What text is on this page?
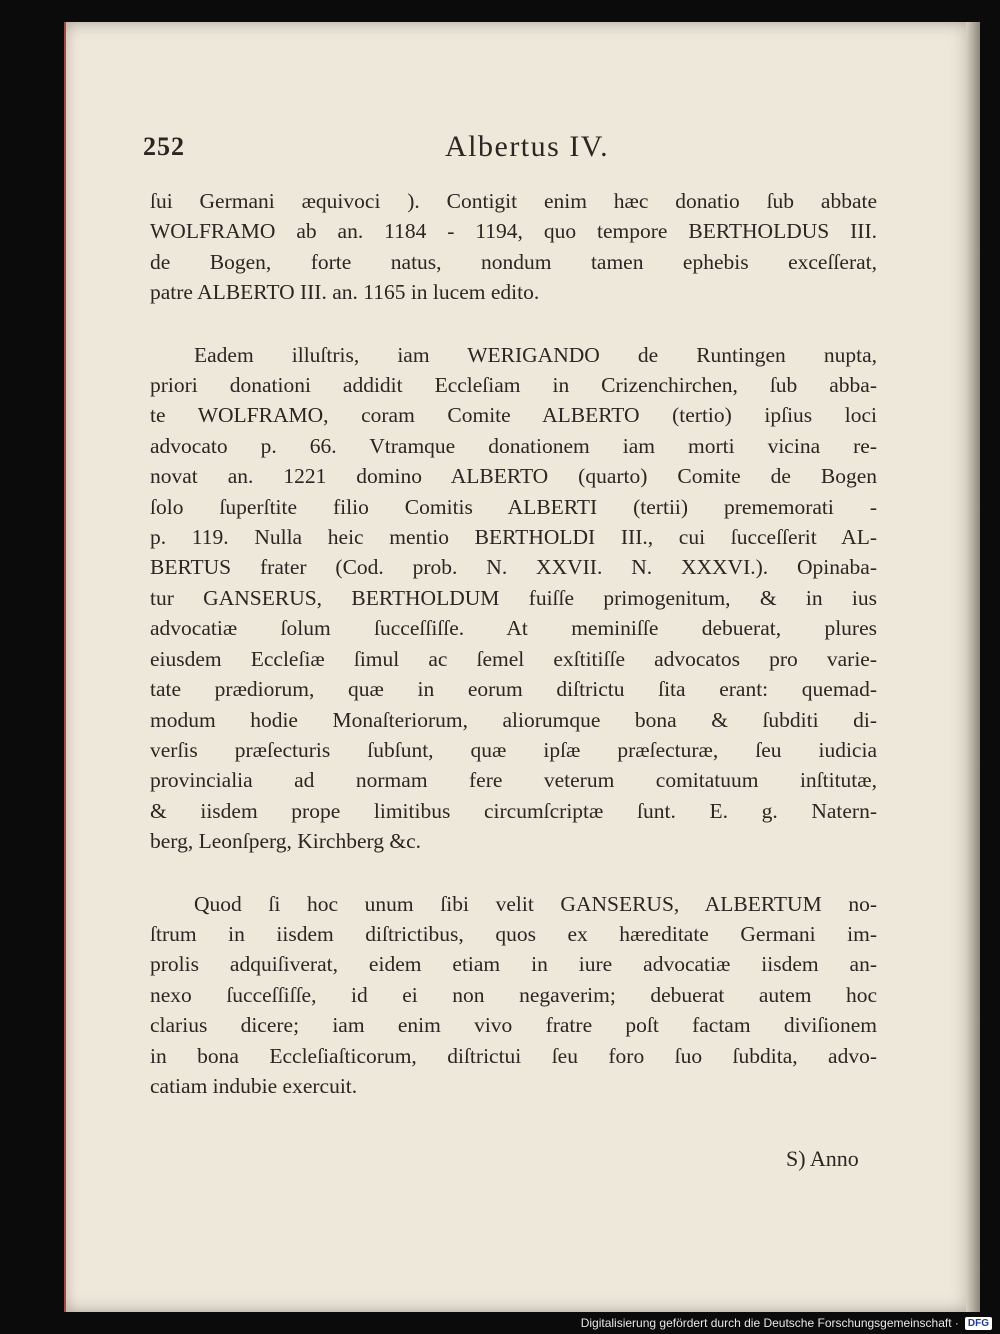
252	Albertus IV.

ſui Germani æquivoci ). Contigit enim hæc donatio ſub abbate
WOLFRAMO ab an. 1184 - 1194, quo tempore BERTHOLDUS III.
de Bogen, forte natus, nondum tamen ephebis exceſſerat,
patre ALBERTO III. an. 1165 in lucem edito.

Eadem illuſtris, iam WERIGANDO de Runtingen nupta,
priori donationi addidit Eccleſiam in Crizenchirchen, ſub abba-
te WOLFRAMO, coram Comite ALBERTO (tertio) ipſius loci
advocato p. 66. Vtramque donationem iam morti vicina re-
novat an. 1221 domino ALBERTO (quarto) Comite de Bogen
ſolo ſuperſtite filio Comitis ALBERTI (tertii) prememorati -
p. 119. Nulla heic mentio BERTHOLDI III., cui ſucceſſerit AL-
BERTUS frater (Cod. prob. N. XXVII. N. XXXVI.). Opinaba-
tur GANSERUS, BERTHOLDUM fuiſſe primogenitum, & in ius
advocatiæ ſolum ſucceſſiſſe. At meminiſſe debuerat, plures
eiusdem Eccleſiæ ſimul ac ſemel exſtitiſſe advocatos pro varie-
tate prædiorum, quæ in eorum diſtrictu ſita erant: quemad-
modum hodie Monaſteriorum, aliorumque bona & ſubditi di-
verſis præſecturis ſubſunt, quæ ipſæ præſecturæ, ſeu iudicia
provincialia ad normam fere veterum comitatuum inſtitutæ,
& iisdem prope limitibus circumſcriptæ ſunt. E. g. Natern-
berg, Leonſperg, Kirchberg &c.

Quod ſi hoc unum ſibi velit GANSERUS, ALBERTUM no-
ſtrum in iisdem diſtrictibus, quos ex hæreditate Germani im-
prolis adquiſiverat, eidem etiam in iure advocatiæ iisdem an-
nexo ſucceſſiſſe, id ei non negaverim; debuerat autem hoc
clarius dicere; iam enim vivo fratre poſt factam diviſionem
in bona Eccleſiaſticorum, diſtrictui ſeu foro ſuo ſubdita, advo-
catiam indubie exercuit.

S) Anno
Digitalisierung gefördert durch die Deutsche Forschungsgemeinschaft · DFG
